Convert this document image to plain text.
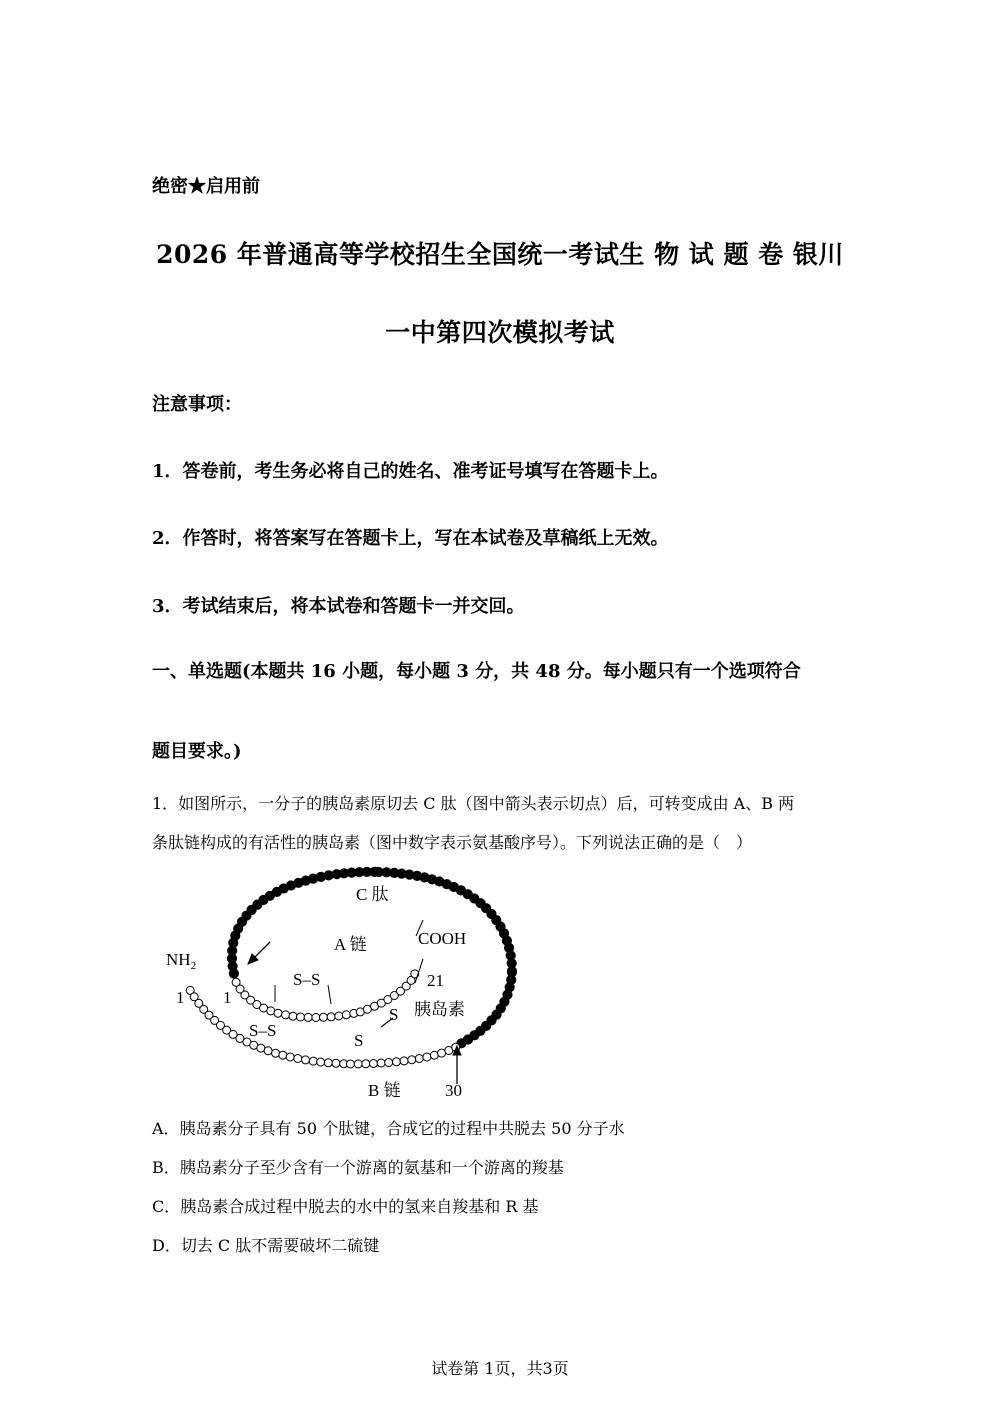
绝密★启用前
2026 年普通高等学校招生全国统一考试生 物 试 题 卷 银川
一中第四次模拟考试
注意事项：
1．答卷前，考生务必将自己的姓名、准考证号填写在答题卡上。
2．作答时，将答案写在答题卡上，写在本试卷及草稿纸上无效。
3．考试结束后，将本试卷和答题卡一并交回。
一、单选题(本题共 16 小题，每小题 3 分，共 48 分。每小题只有一个选项符合
题目要求。)
1．如图所示，一分子的胰岛素原切去 C 肽（图中箭头表示切点）后，可转变成由 A、B 两
条肽链构成的有活性的胰岛素（图中数字表示氨基酸序号）。下列说法正确的是（　）
C 肽
A 链	COOH
$NH_2$
1 1
21
S–S
S–S
S
S
胰岛素
B 链	30
A．胰岛素分子具有 50 个肽键，合成它的过程中共脱去 50 分子水
B．胰岛素分子至少含有一个游离的氨基和一个游离的羧基
C．胰岛素合成过程中脱去的水中的氢来自羧基和 R 基
D．切去 C 肽不需要破坏二硫键
试卷第 1页，共3页
